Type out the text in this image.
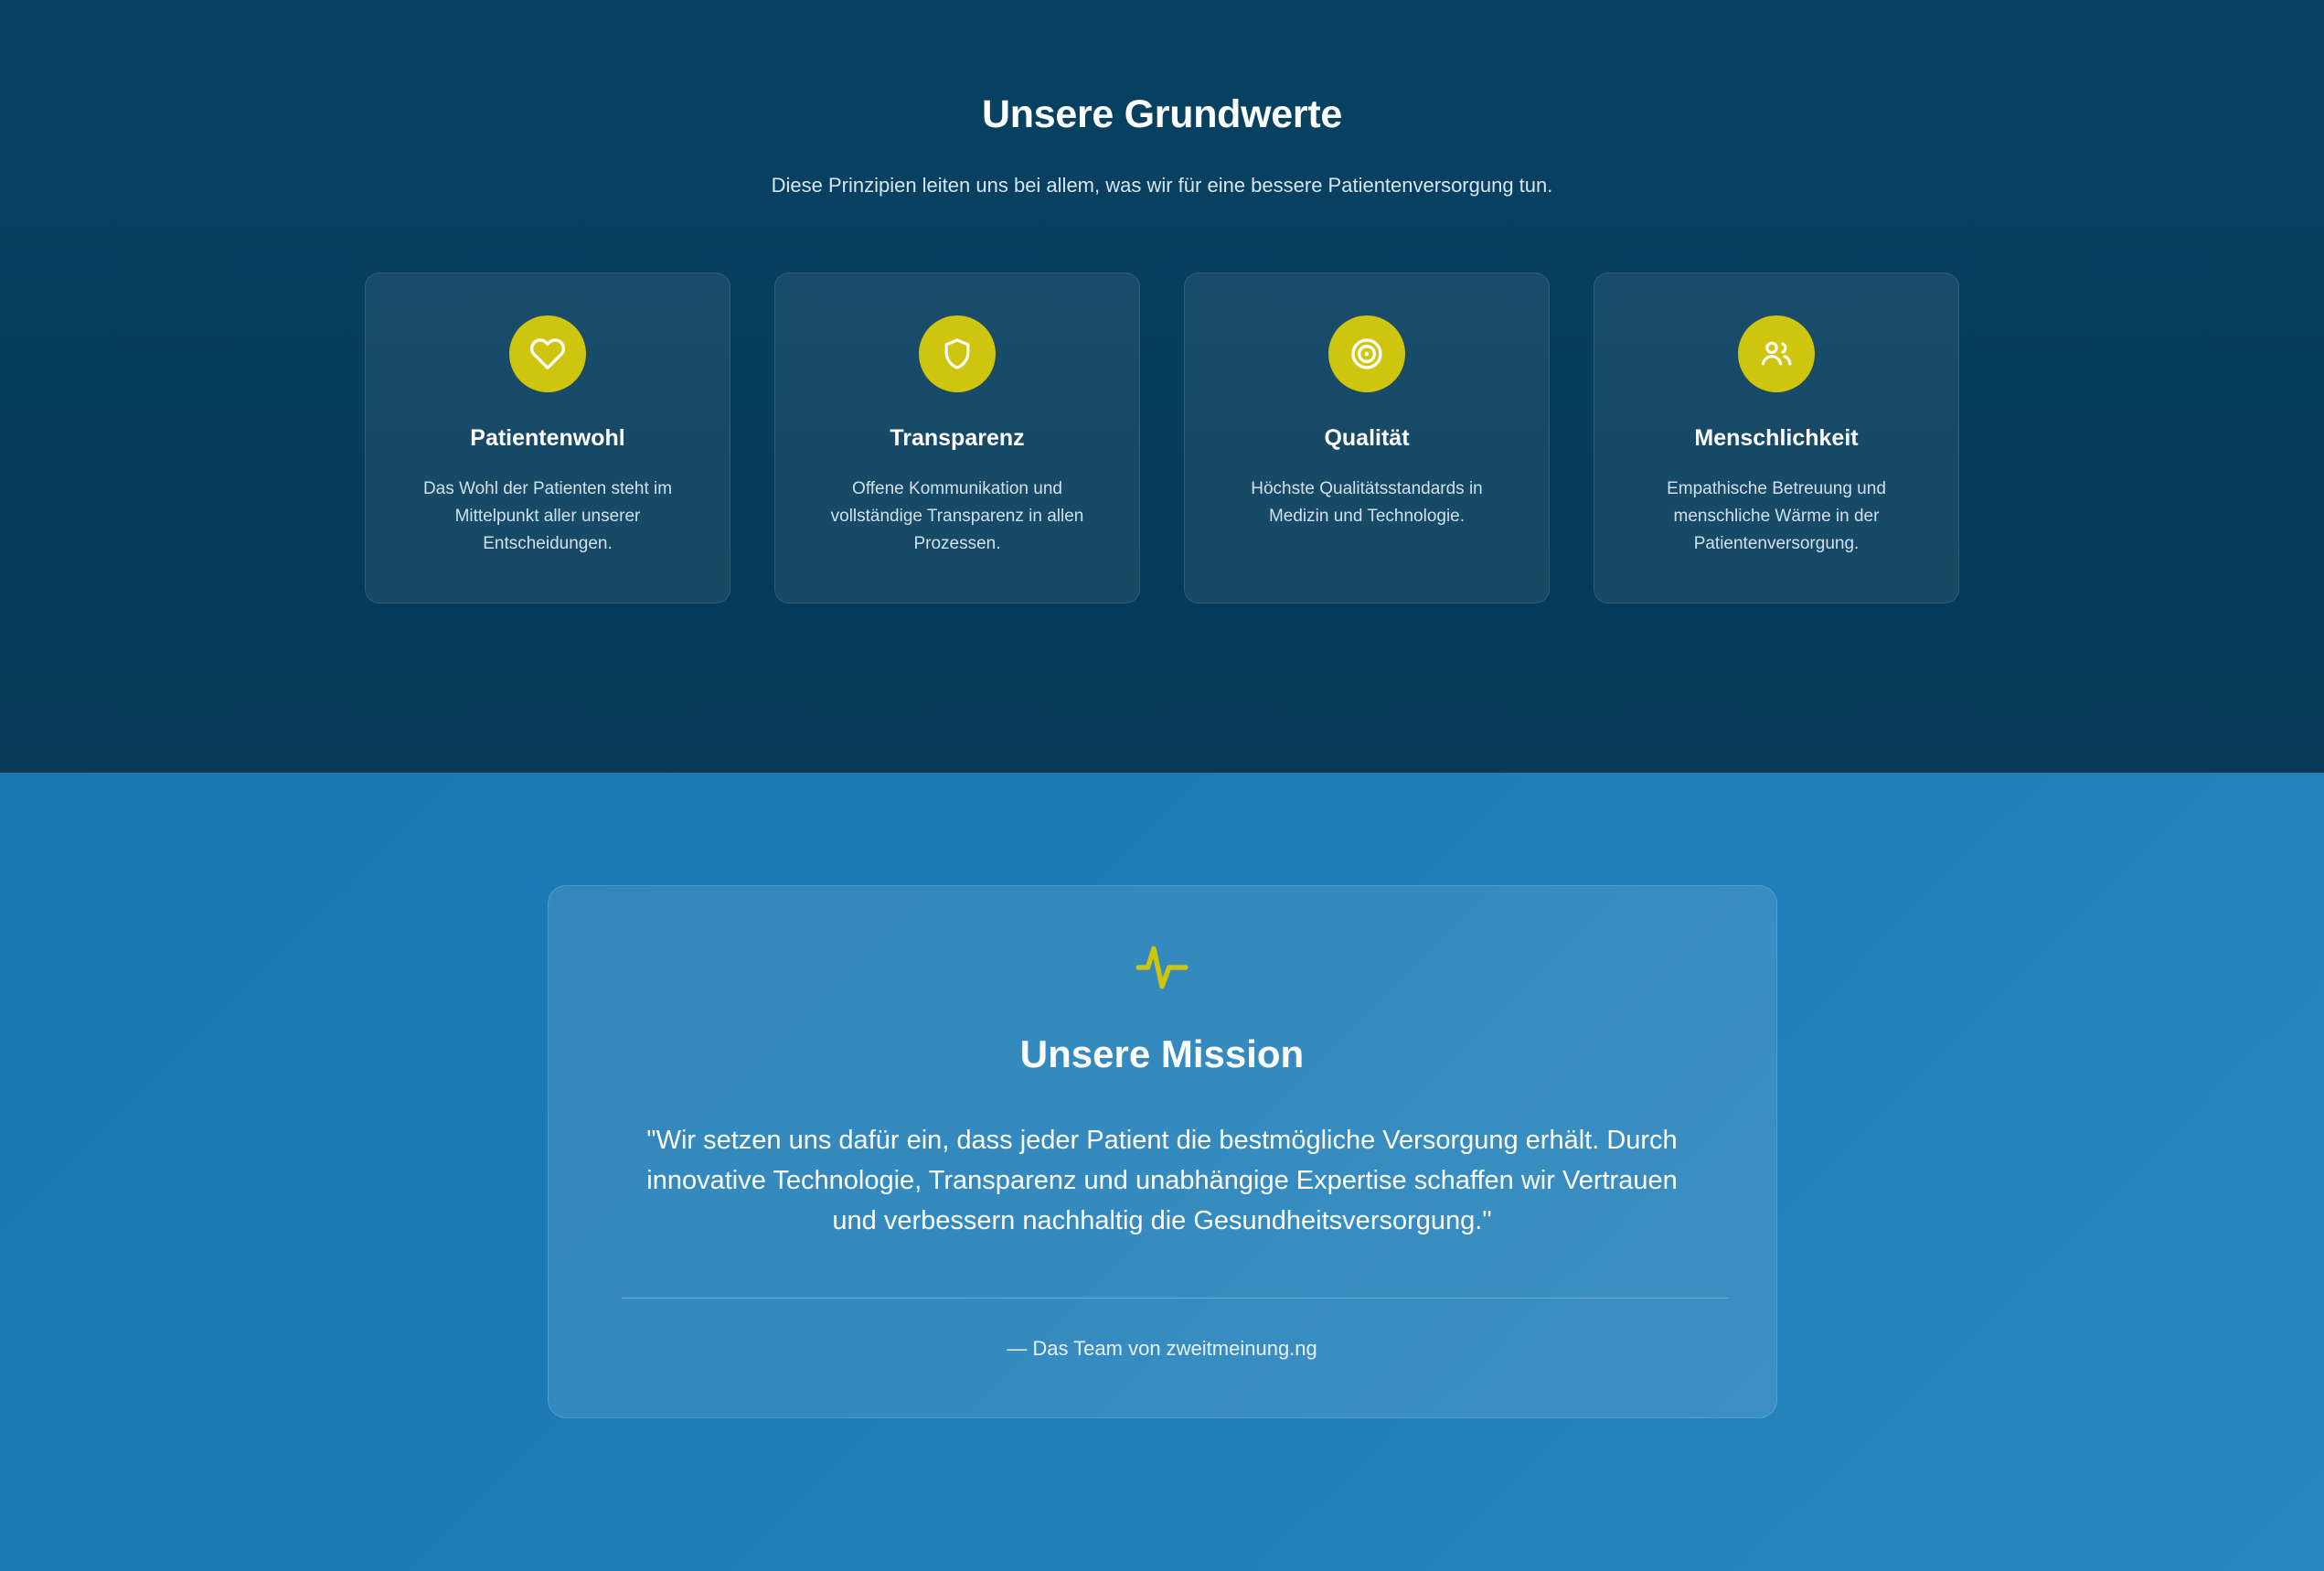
Unsere Grundwerte

Diese Prinzipien leiten uns bei allem, was wir für eine bessere Patientenversorgung tun.

Patientenwohl
Das Wohl der Patienten steht im Mittelpunkt aller unserer Entscheidungen.
Transparenz
Offene Kommunikation und vollständige Transparenz in allen Prozessen.
Qualität
Höchste Qualitätsstandards in Medizin und Technologie.
Menschlichkeit
Empathische Betreuung und menschliche Wärme in der Patientenversorgung.
Unsere Mission

"Wir setzen uns dafür ein, dass jeder Patient die bestmögliche Versorgung erhält. Durch innovative Technologie, Transparenz und unabhängige Expertise schaffen wir Vertrauen und verbessern nachhaltig die Gesundheitsversorgung."

— Das Team von zweitmeinung.ng
